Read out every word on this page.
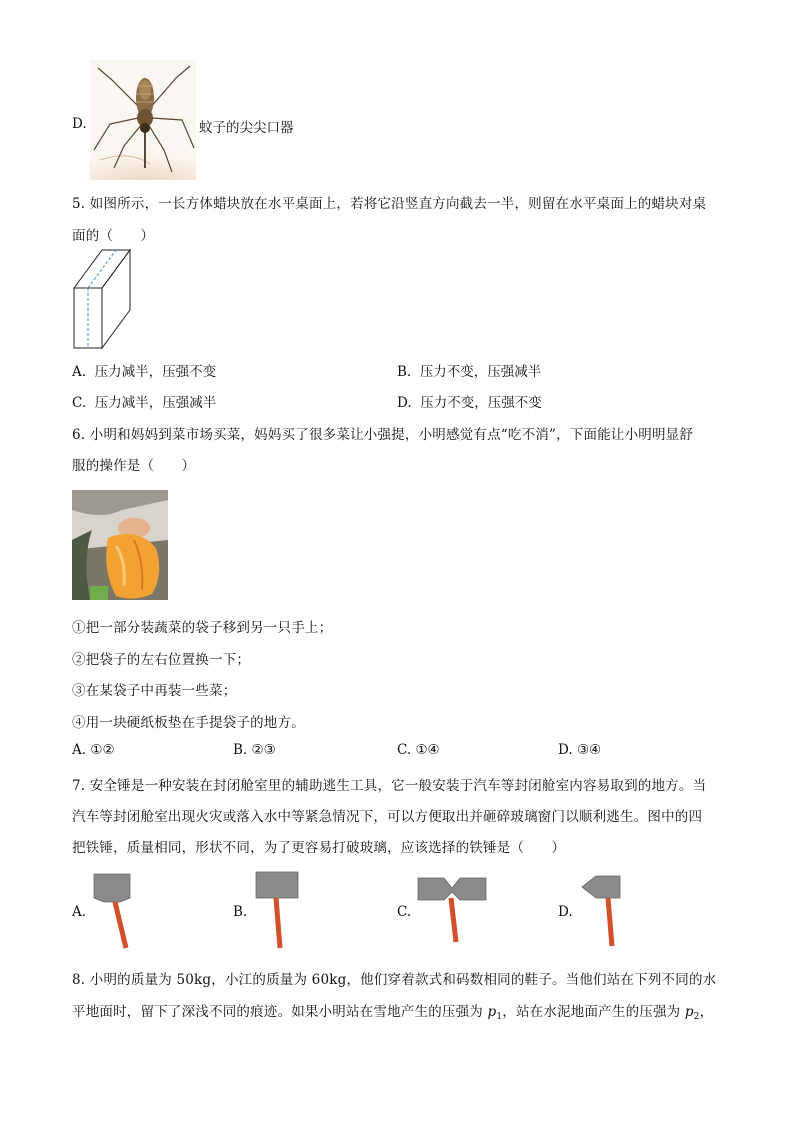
D.	蚊子的尖尖口器
5. 如图所示，一长方体蜡块放在水平桌面上，若将它沿竖直方向截去一半，则留在水平桌面上的蜡块对桌
面的（　　）
A. 压力减半，压强不变	B. 压力不变，压强减半
C. 压力减半，压强减半	D. 压力不变，压强不变
6. 小明和妈妈到菜市场买菜，妈妈买了很多菜让小强提，小明感觉有点“吃不消”，下面能让小明明显舒
服的操作是（　　）
①把一部分装蔬菜的袋子移到另一只手上；
②把袋子的左右位置换一下；
③在某袋子中再装一些菜；
④用一块硬纸板垫在手提袋子的地方。
A. ①②	B. ②③	C. ①④	D. ③④
7. 安全锤是一种安装在封闭舱室里的辅助逃生工具，它一般安装于汽车等封闭舱室内容易取到的地方。当
汽车等封闭舱室出现火灾或落入水中等紧急情况下，可以方便取出并砸碎玻璃窗门以顺利逃生。图中的四
把铁锤，质量相同，形状不同，为了更容易打破玻璃，应该选择的铁锤是（　　）
A.	B.	C.	D.
8. 小明的质量为 50kg，小江的质量为 60kg，他们穿着款式和码数相同的鞋子。当他们站在下列不同的水
平地面时，留下了深浅不同的痕迹。如果小明站在雪地产生的压强为 $p_1$，站在水泥地面产生的压强为 $p_2$，
